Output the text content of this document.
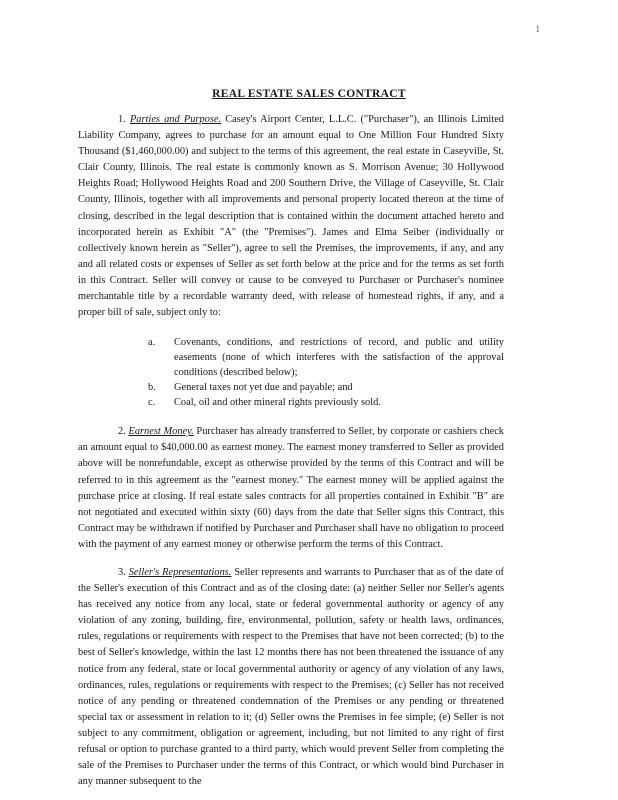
1
REAL ESTATE SALES CONTRACT

1. Parties and Purpose. Casey's Airport Center, L.L.C. ("Purchaser"), an Illinois Limited Liability Company, agrees to purchase for an amount equal to One Million Four Hundred Sixty Thousand ($1,460,000.00) and subject to the terms of this agreement, the real estate in Caseyville, St. Clair County, Illinois. The real estate is commonly known as S. Morrison Avenue; 30 Hollywood Heights Road; Hollywood Heights Road and 200 Southern Drive, the Village of Caseyville, St. Clair County, Illinois, together with all improvements and personal property located thereon at the time of closing, described in the legal description that is contained within the document attached hereto and incorporated herein as Exhibit "A" (the "Premises"). James and Elma Seiber (individually or collectively known herein as "Seller"), agree to sell the Premises, the improvements, if any, and any and all related costs or expenses of Seller as set forth below at the price and for the terms as set forth in this Contract. Seller will convey or cause to be conveyed to Purchaser or Purchaser's nominee merchantable title by a recordable warranty deed, with release of homestead rights, if any, and a proper bill of sale, subject only to:

a. Covenants, conditions, and restrictions of record, and public and utility easements (none of which interferes with the satisfaction of the approval conditions (described below);
b. General taxes not yet due and payable; and
c. Coal, oil and other mineral rights previously sold.

2. Earnest Money. Purchaser has already transferred to Seller, by corporate or cashiers check an amount equal to $40,000.00 as earnest money. The earnest money transferred to Seller as provided above will be nonrefundable, except as otherwise provided by the terms of this Contract and will be referred to in this agreement as the "earnest money." The earnest money will be applied against the purchase price at closing. If real estate sales contracts for all properties contained in Exhibit "B" are not negotiated and executed within sixty (60) days from the date that Seller signs this Contract, this Contract may be withdrawn if notified by Purchaser and Purchaser shall have no obligation to proceed with the payment of any earnest money or otherwise perform the terms of this Contract.

3. Seller's Representations. Seller represents and warrants to Purchaser that as of the date of the Seller's execution of this Contract and as of the closing date: (a) neither Seller nor Seller's agents has received any notice from any local, state or federal governmental authority or agency of any violation of any zoning, building, fire, environmental, pollution, safety or health laws, ordinances, rules, regulations or requirements with respect to the Premises that have not been corrected; (b) to the best of Seller's knowledge, within the last 12 months there has not been threatened the issuance of any notice from any federal, state or local governmental authority or agency of any violation of any laws, ordinances, rules, regulations or requirements with respect to the Premises; (c) Seller has not received notice of any pending or threatened condemnation of the Premises or any pending or threatened special tax or assessment in relation to it; (d) Seller owns the Premises in fee simple; (e) Seller is not subject to any commitment, obligation or agreement, including, but not limited to any right of first refusal or option to purchase granted to a third party, which would prevent Seller from completing the sale of the Premises to Purchaser under the terms of this Contract, or which would bind Purchaser in any manner subsequent to the
